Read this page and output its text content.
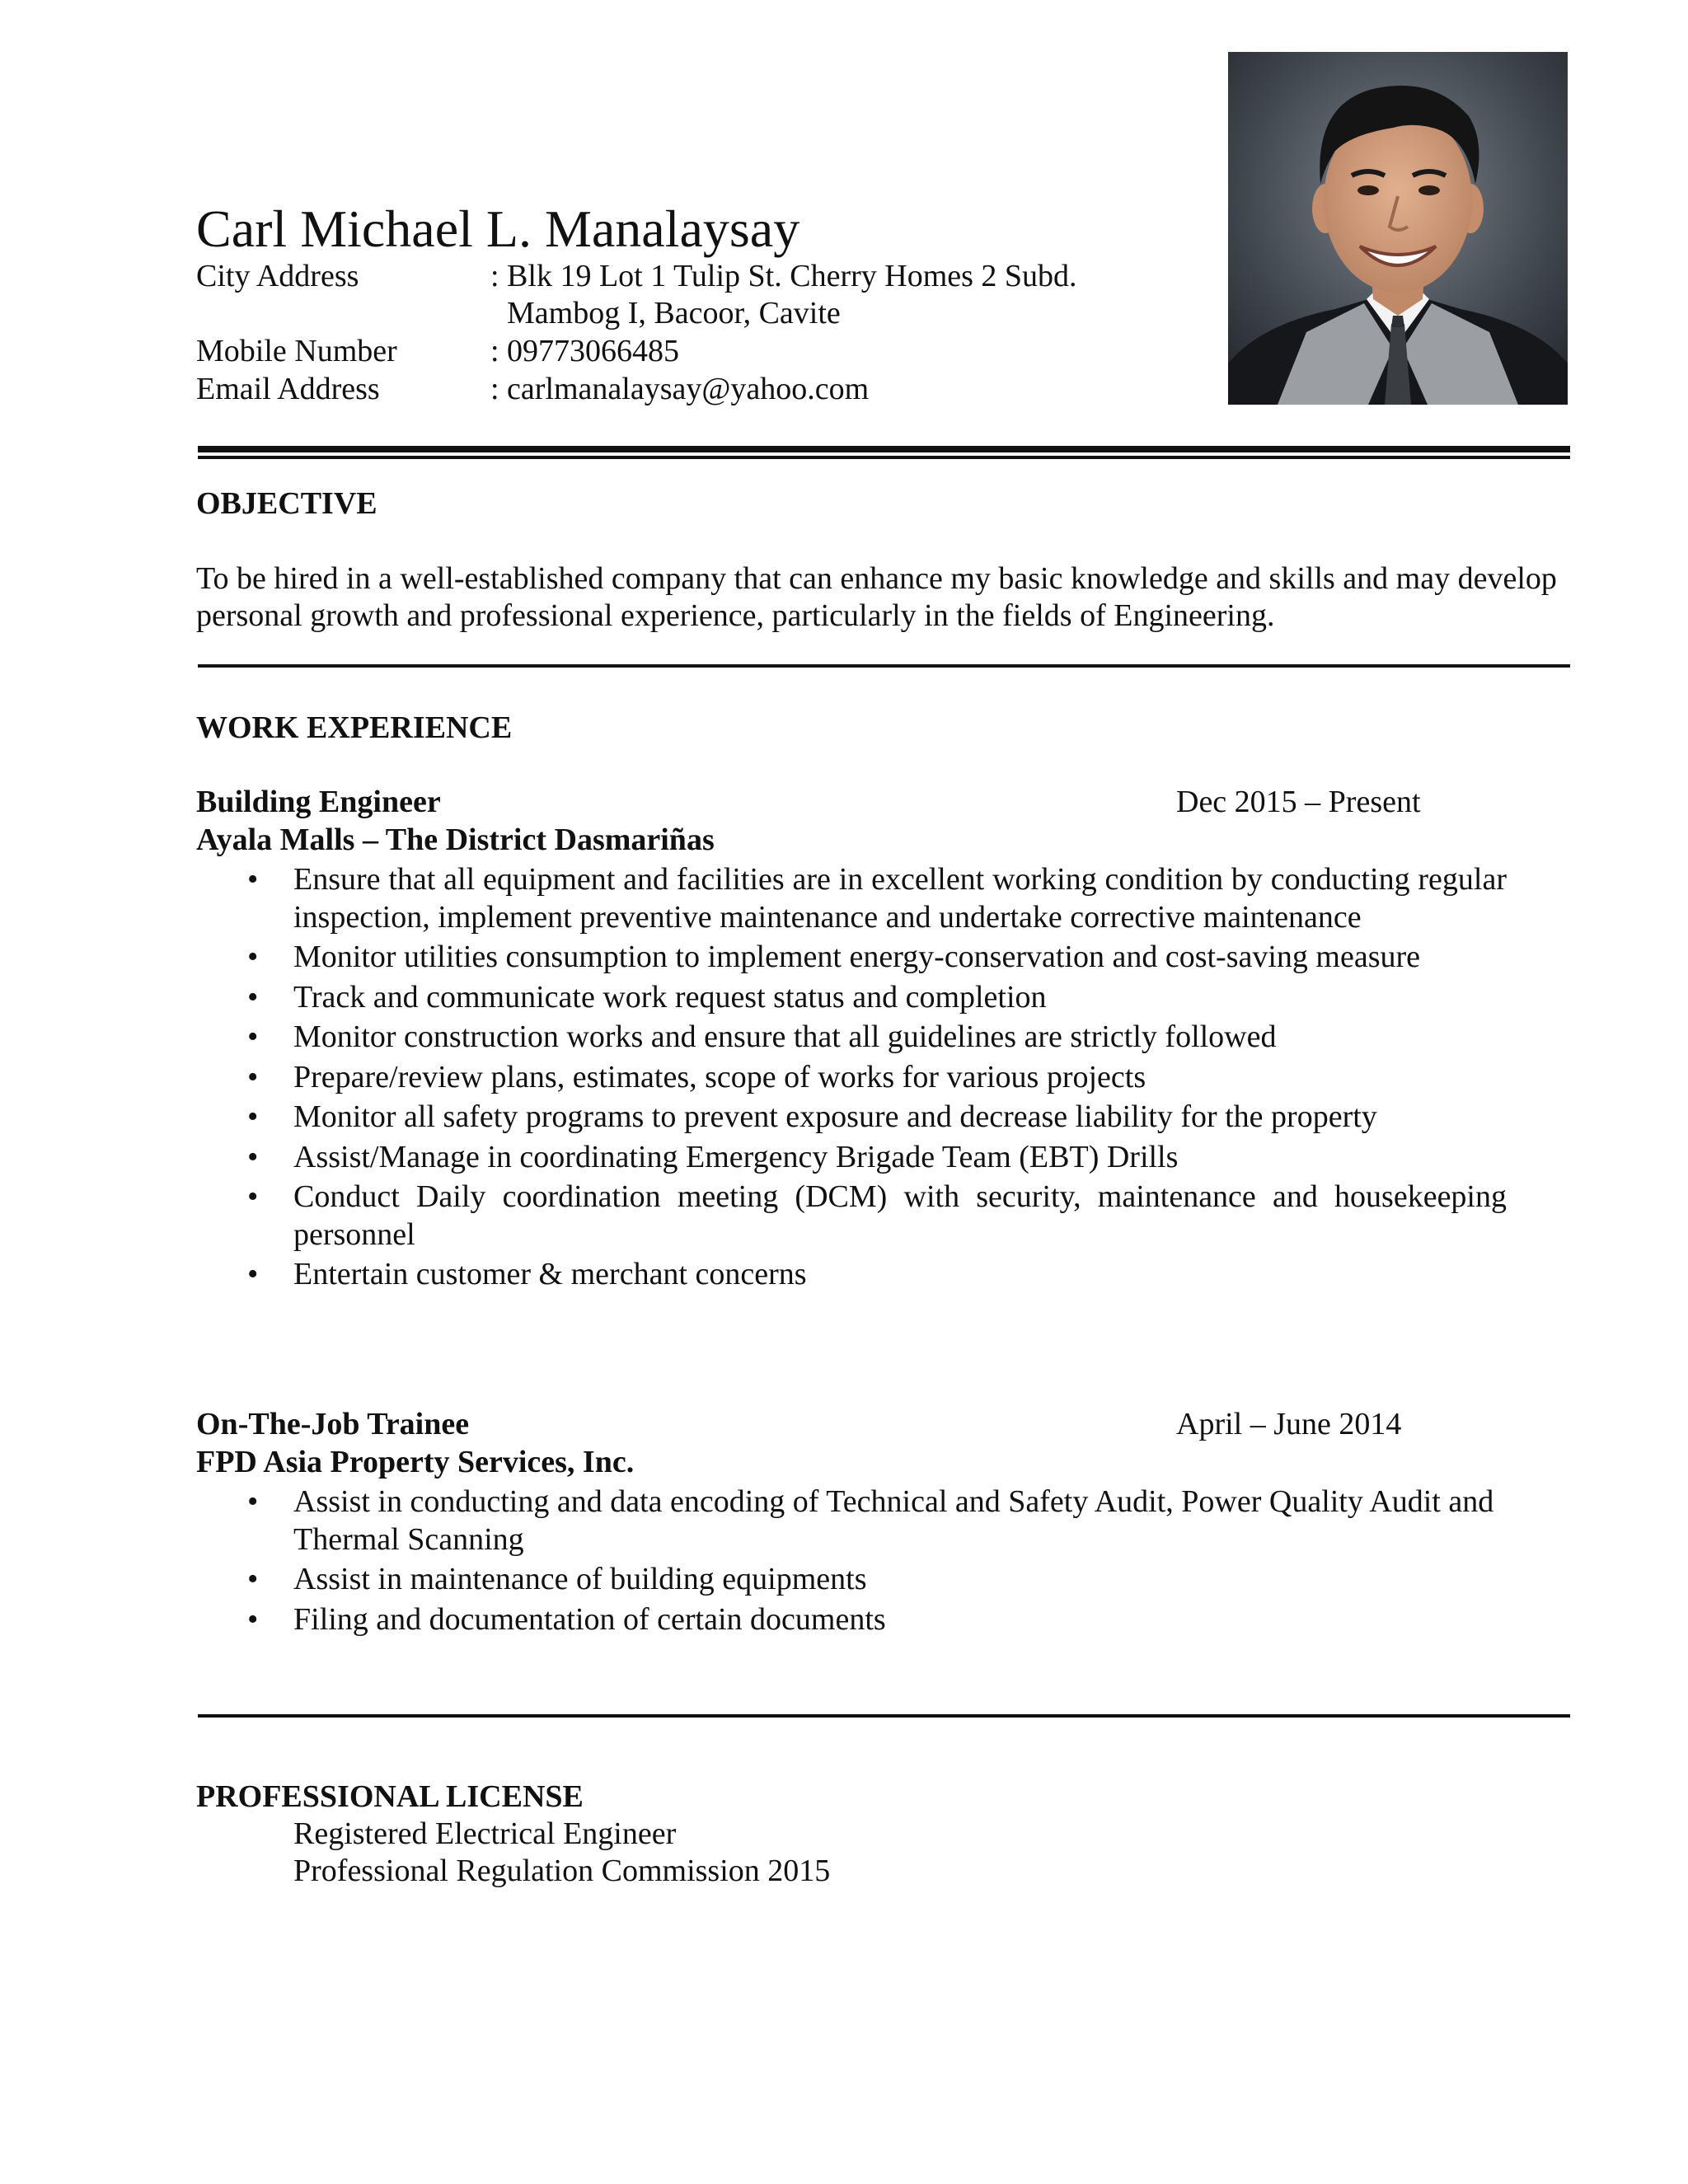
Carl Michael L. Manalaysay
City Address	: Blk 19 Lot 1 Tulip St. Cherry Homes 2 Subd.
Mambog I, Bacoor, Cavite
Mobile Number	: 09773066485
Email Address	: carlmanalaysay@yahoo.com
OBJECTIVE
To be hired in a well-established company that can enhance my basic knowledge and skills and may develop personal growth and professional experience, particularly in the fields of Engineering.
WORK EXPERIENCE
Building Engineer	Dec 2015 – Present
Ayala Malls – The District Dasmariñas
• Ensure that all equipment and facilities are in excellent working condition by conducting regular inspection, implement preventive maintenance and undertake corrective maintenance
• Monitor utilities consumption to implement energy-conservation and cost-saving measure
• Track and communicate work request status and completion
• Monitor construction works and ensure that all guidelines are strictly followed
• Prepare/review plans, estimates, scope of works for various projects
• Monitor all safety programs to prevent exposure and decrease liability for the property
• Assist/Manage in coordinating Emergency Brigade Team (EBT) Drills
• Conduct Daily coordination meeting (DCM) with security, maintenance and housekeeping personnel
• Entertain customer & merchant concerns
On-The-Job Trainee	April – June 2014
FPD Asia Property Services, Inc.
• Assist in conducting and data encoding of Technical and Safety Audit, Power Quality Audit and Thermal Scanning
• Assist in maintenance of building equipments
• Filing and documentation of certain documents
PROFESSIONAL LICENSE
Registered Electrical Engineer
Professional Regulation Commission 2015
